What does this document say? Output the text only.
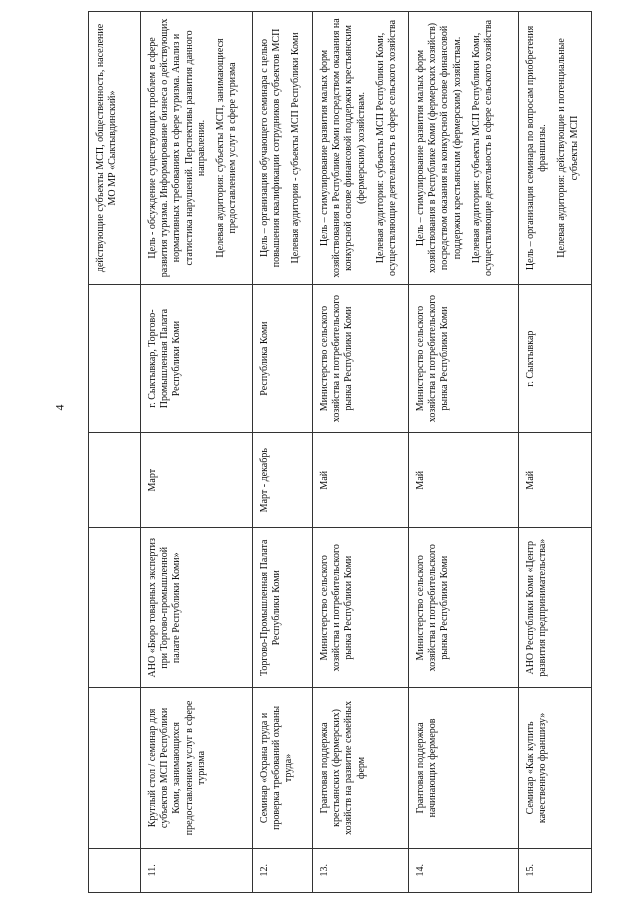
4
					действующие субъекты МСП, общественность, население МО МР «Сыктывдинский»
11.	Круглый стол / семинар для субъектов МСП Республики Коми, занимающихся предоставлением услуг в сфере туризма	АНО «Бюро товарных экспертиз при Торгово-промышленной палате Республики Коми»	Март	г. Сыктывкар, Торгово-Промышленная Палата Республики Коми	Цель - обсуждение существующих проблем в сфере развития туризма. Информирование бизнеса о действующих нормативных требованиях в сфере туризма. Анализ и статистика нарушений. Перспективы развития данного направления. Целевая аудитория: субъекты МСП, занимающиеся предоставлением услуг в сфере туризма

12.	Семинар «Охрана труда и проверка требований охраны труда»	Торгово-Промышленная Палата Республики Коми	Март - декабрь	Республика Коми	Цель – организация обучающего семинара с целью повышения квалификации сотрудников субъектов МСП Целевая аудитория - субъекты МСП Республики Коми

13.	Грантовая поддержка крестьянских (фермерских) хозяйств на развитие семейных ферм	Министерство сельского хозяйства и потребительского рынка Республики Коми	Май	Министерство сельского хозяйства и потребительского рынка Республики Коми	Цель – стимулирование развития малых форм хозяйствования в Республике Коми посредством оказания на конкурсной основе финансовой поддержки крестьянским (фермерским) хозяйствам. Целевая аудитория: субъекты МСП Республики Коми, осуществляющие деятельность в сфере сельского хозяйства

14.	Грантовая поддержка начинающих фермеров	Министерство сельского хозяйства и потребительского рынка Республики Коми	Май	Министерство сельского хозяйства и потребительского рынка Республики Коми	Цель – стимулирование развития малых форм хозяйствования в Республике Коми (фермерских хозяйств) посредством оказания на конкурсной основе финансовой поддержки крестьянским (фермерским) хозяйствам. Целевая аудитория: субъекты МСП Республики Коми, осуществляющие деятельность в сфере сельского хозяйства

15.	Семинар «Как купить качественную франшизу»	АНО Республики Коми «Центр развития предпринимательства»	Май	г. Сыктывкар	Цель – организация семинара по вопросам приобретения франшизы. Целевая аудитория: действующие и потенциальные субъекты МСП
